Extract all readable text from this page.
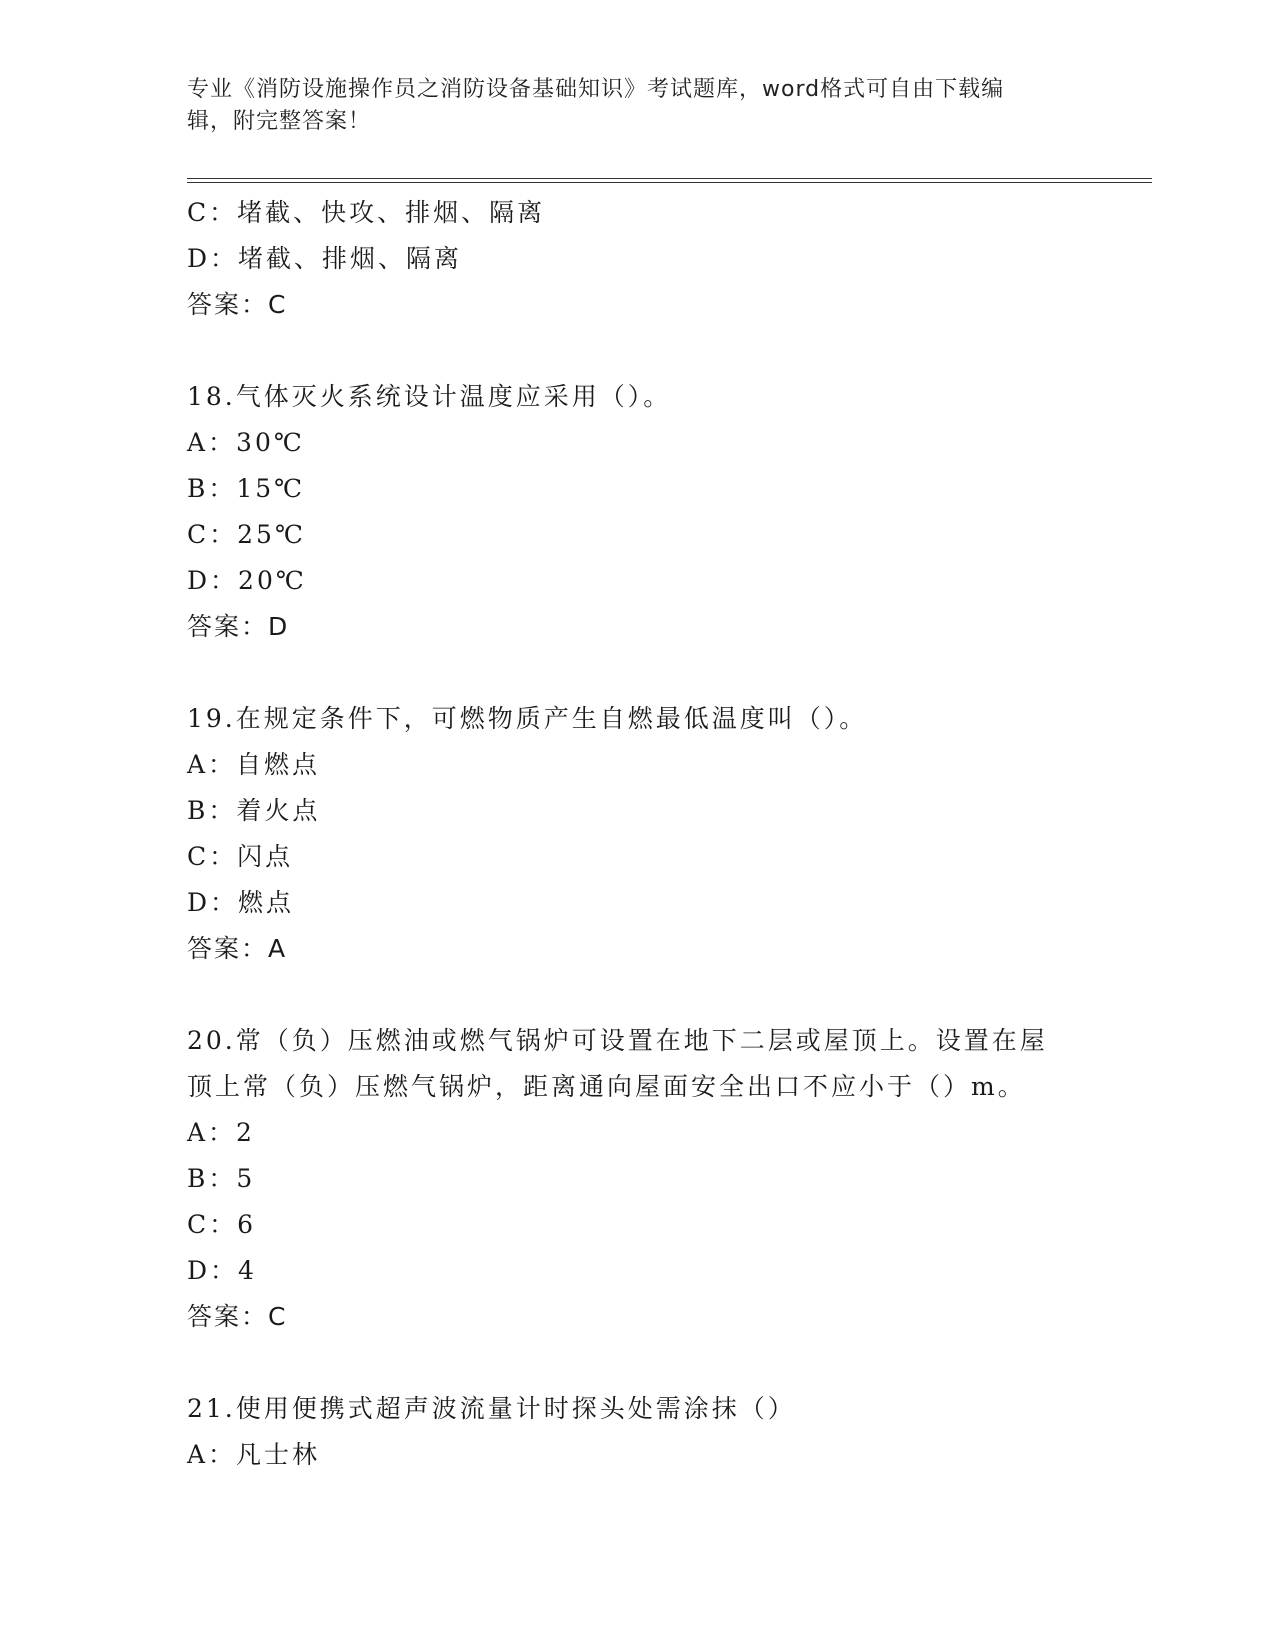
专业《消防设施操作员之消防设备基础知识》考试题库，word格式可自由下载编
辑，附完整答案！
C：堵截、快攻、排烟、隔离
D：堵截、排烟、隔离
答案：C
18.气体灭火系统设计温度应采用（）。
A：30℃
B：15℃
C：25℃
D：20℃
答案：D
19.在规定条件下，可燃物质产生自燃最低温度叫（）。
A：自燃点
B：着火点
C：闪点
D：燃点
答案：A
20.常（负）压燃油或燃气锅炉可设置在地下二层或屋顶上。设置在屋
顶上常（负）压燃气锅炉，距离通向屋面安全出口不应小于（）m。
A：2
B：5
C：6
D：4
答案：C
21.使用便携式超声波流量计时探头处需涂抹（）
A：凡士林
